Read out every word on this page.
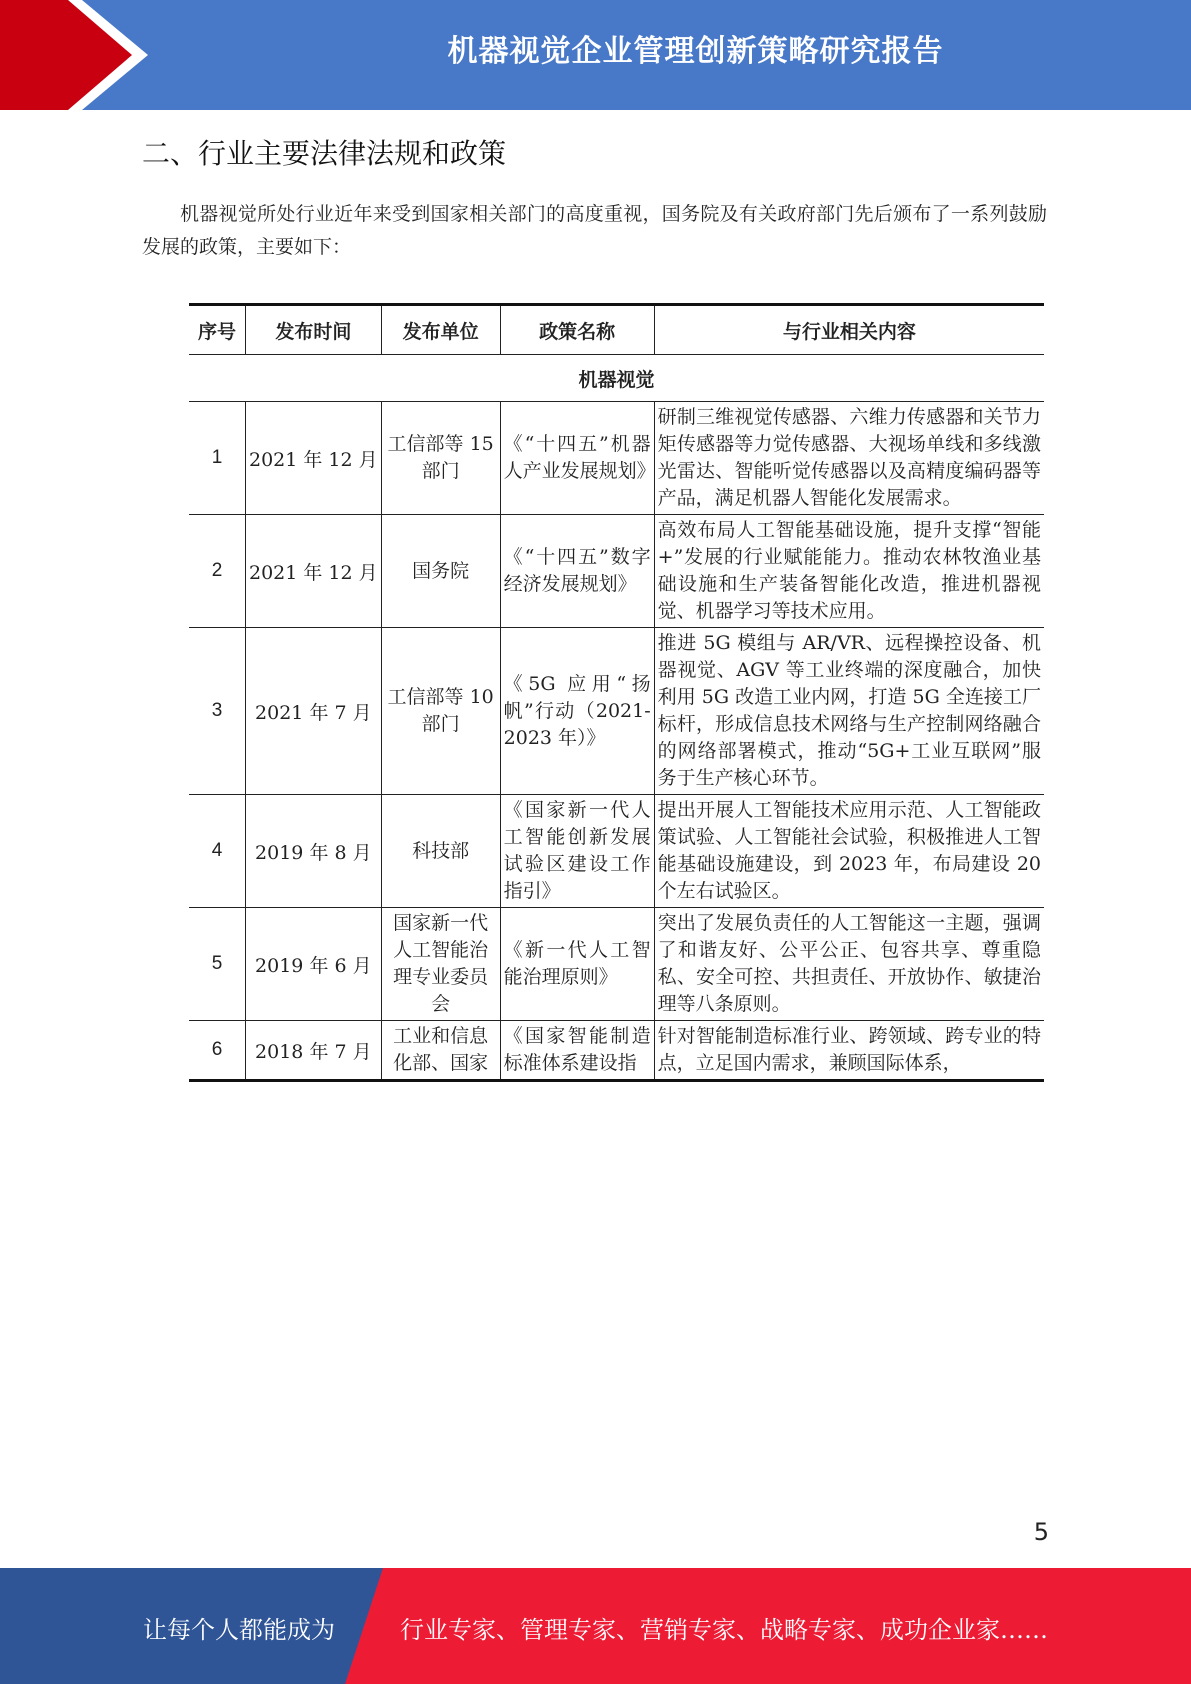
机器视觉企业管理创新策略研究报告
二、行业主要法律法规和政策
机器视觉所处行业近年来受到国家相关部门的高度重视，国务院及有关政府部门先后颁布了一系列鼓励发展的政策，主要如下：
序号	发布时间	发布单位	政策名称	与行业相关内容
机器视觉				
1	2021 年 12 月	工信部等 15 部门	《“十四五”机器人产业发展规划》	研制三维视觉传感器、六维力传感器和关节力矩传感器等力觉传感器、大视场单线和多线激光雷达、智能听觉传感器以及高精度编码器等产品，满足机器人智能化发展需求。
2	2021 年 12 月	国务院	《“十四五”数字经济发展规划》	高效布局人工智能基础设施，提升支撑“智能+”发展的行业赋能能力。推动农林牧渔业基础设施和生产装备智能化改造，推进机器视觉、机器学习等技术应用。
3	2021 年 7 月	工信部等 10 部门	《5G 应用“扬帆”行动（2021-2023 年）》	推进 5G 模组与 AR/VR、远程操控设备、机器视觉、AGV 等工业终端的深度融合，加快利用 5G 改造工业内网，打造 5G 全连接工厂标杆，形成信息技术网络与生产控制网络融合的网络部署模式，推动“5G+工业互联网”服务于生产核心环节。
4	2019 年 8 月	科技部	《国家新一代人工智能创新发展试验区建设工作指引》	提出开展人工智能技术应用示范、人工智能政策试验、人工智能社会试验，积极推进人工智能基础设施建设，到 2023 年，布局建设 20 个左右试验区。
5	2019 年 6 月	国家新一代人工智能治理专业委员会	《新一代人工智能治理原则》	突出了发展负责任的人工智能这一主题，强调了和谐友好、公平公正、包容共享、尊重隐私、安全可控、共担责任、开放协作、敏捷治理等八条原则。
6	2018 年 7 月	工业和信息化部、国家	《国家智能制造标准体系建设指	针对智能制造标准行业、跨领域、跨专业的特点，立足国内需求，兼顾国际体系，
5
让每个人都能成为	行业专家、管理专家、营销专家、战略专家、成功企业家……
